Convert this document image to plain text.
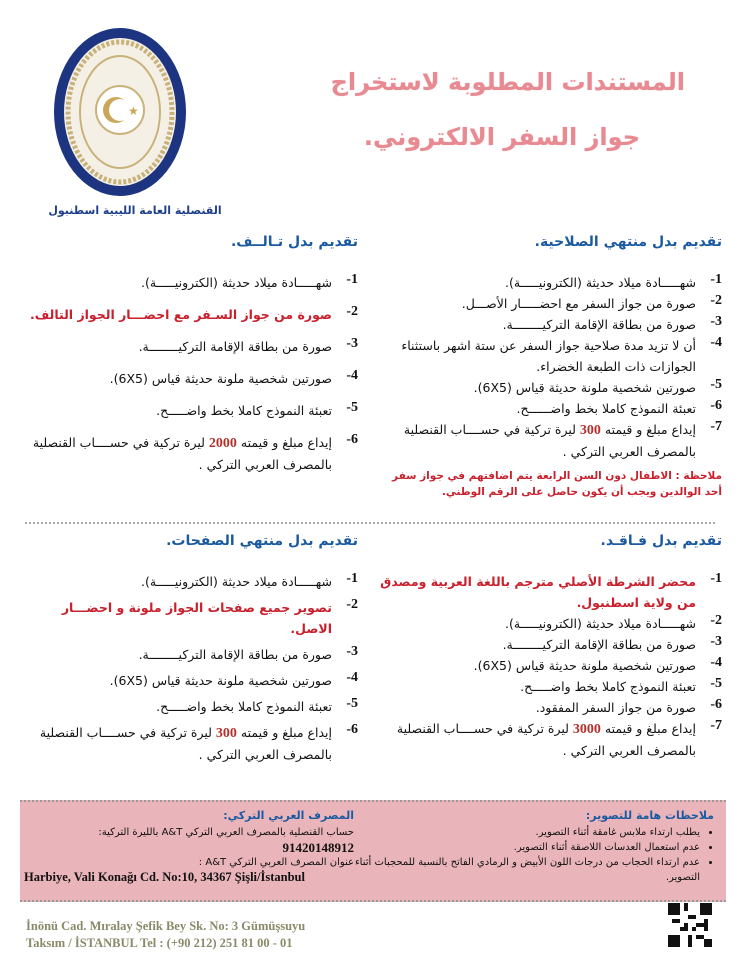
★
القنصلية العامة الليبية اسطنبول
المستندات المطلوبة لاستخراج
جواز السفر الالكتروني.
تقديم بدل منتهي الصلاحية.
1-
شهـــــادة ميلاد حديثة (الكترونيـــــة).
2-
صورة من جواز السفر مع احضـــــار الأصـــل.
3-
صورة من بطاقة الإقامة التركيــــــــة.
4-
أن لا تزيد مدة صلاحية جواز السفر عن ستة اشهر باستثناء الجوازات ذات الطبعة الخضراء.
5-
صورتين شخصية ملونة حديثة قياس (6X5).
6-
تعبئة النموذج كاملا بخط واضــــــح.
7-
إيداع مبلغ و قيمته 300 ليرة تركية في حســــاب القنصلية بالمصرف العربي التركي .
ملاحظة : الاطفال دون السن الرابعة يتم اضافتهم في جواز سفر أحد الوالدين ويجب أن يكون حاصل على الرقم الوطني.
تقديم بدل تـالــف.
1-
شهـــــادة ميلاد حديثة (الكترونيـــــة).
2-
صورة من جواز السـفر مع احضـــار الجواز التالف.
3-
صورة من بطاقة الإقامة التركيــــــــة.
4-
صورتين شخصية ملونة حديثة قياس (6X5).
5-
تعبئة النموذج كاملا بخط واضـــــح.
6-
إيداع مبلغ و قيمته 2000 ليرة تركية في حســــاب القنصلية بالمصرف العربي التركي .
تقديم بدل فـاقـد.
1-
محضر الشرطة الأصلي مترجم باللغة العربية ومصدق من ولاية اسطنبول.
2-
شهـــــادة ميلاد حديثة (الكترونيـــــة).
3-
صورة من بطاقة الإقامة التركيــــــــة.
4-
صورتين شخصية ملونة حديثة قياس (6X5).
5-
تعبئة النموذج كاملا بخط واضـــــح.
6-
صورة من جواز السفر المفقود.
7-
إيداع مبلغ و قيمته 3000 ليرة تركية في حســــاب القنصلية بالمصرف العربي التركي .
تقديم بدل منتهي الصفحات.
1-
شهـــــادة ميلاد حديثة (الكترونيـــــة).
2-
تصوير جميع صفحات الجواز ملونة و احضـــار الاصل.
3-
صورة من بطاقة الإقامة التركيــــــــة.
4-
صورتين شخصية ملونة حديثة قياس (6X5).
5-
تعبئة النموذج كاملا بخط واضـــــح.
6-
إيداع مبلغ و قيمته 300 ليرة تركية في حســــاب القنصلية بالمصرف العربي التركي .
ملاحظات هامة للتصوير:
• يطلب ارتداء ملابس غامقة أثناء التصوير.
• عدم استعمال العدسات اللاصقة أثناء التصوير.
• عدم ارتداء الحجاب من درجات اللون الأبيض و الرمادي الفاتح بالنسبة للمحجبات أثناء التصوير.
المصرف العربي التركي:
حساب القنصلية بالمصرف العربي التركي A&T بالليرة التركية:
91420148912
عنوان المصرف العربي التركي A&T :
Harbiye, Vali Konağı Cd. No:10, 34367 Şişli/İstanbul
İnönü Cad. Mıralay Şefik Bey Sk. No: 3 Gümüşsuyu
Taksım / İSTANBUL Tel : (+90 212) 251 81 00 - 01
